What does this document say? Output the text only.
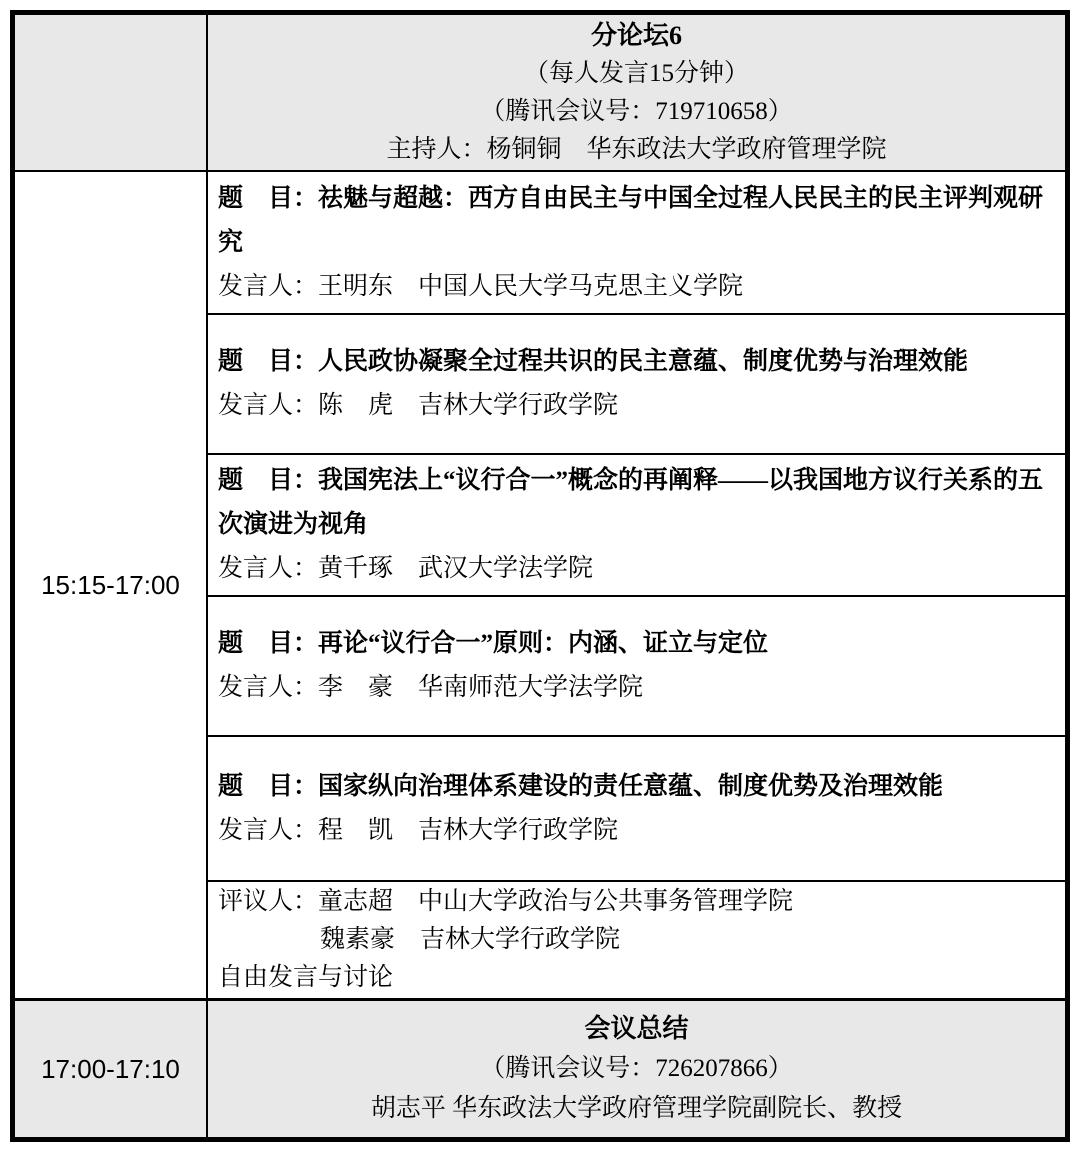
分论坛6
（每人发言15分钟）
（腾讯会议号：719710658）
主持人：杨铜铜　华东政法大学政府管理学院
15:15-17:00
题　目：祛魅与超越：西方自由民主与中国全过程人民民主的民主评判观研究
发言人：王明东　中国人民大学马克思主义学院
题　目：人民政协凝聚全过程共识的民主意蕴、制度优势与治理效能
发言人：陈　虎　吉林大学行政学院
题　目：我国宪法上“议行合一”概念的再阐释——以我国地方议行关系的五次演进为视角
发言人：黄千琢　武汉大学法学院
题　目：再论“议行合一”原则：内涵、证立与定位
发言人：李　豪　华南师范大学法学院
题　目：国家纵向治理体系建设的责任意蕴、制度优势及治理效能
发言人：程　凯　吉林大学行政学院
评议人：童志超　中山大学政治与公共事务管理学院
魏素豪　吉林大学行政学院
自由发言与讨论
17:00-17:10
会议总结
（腾讯会议号：726207866）
胡志平 华东政法大学政府管理学院副院长、教授
